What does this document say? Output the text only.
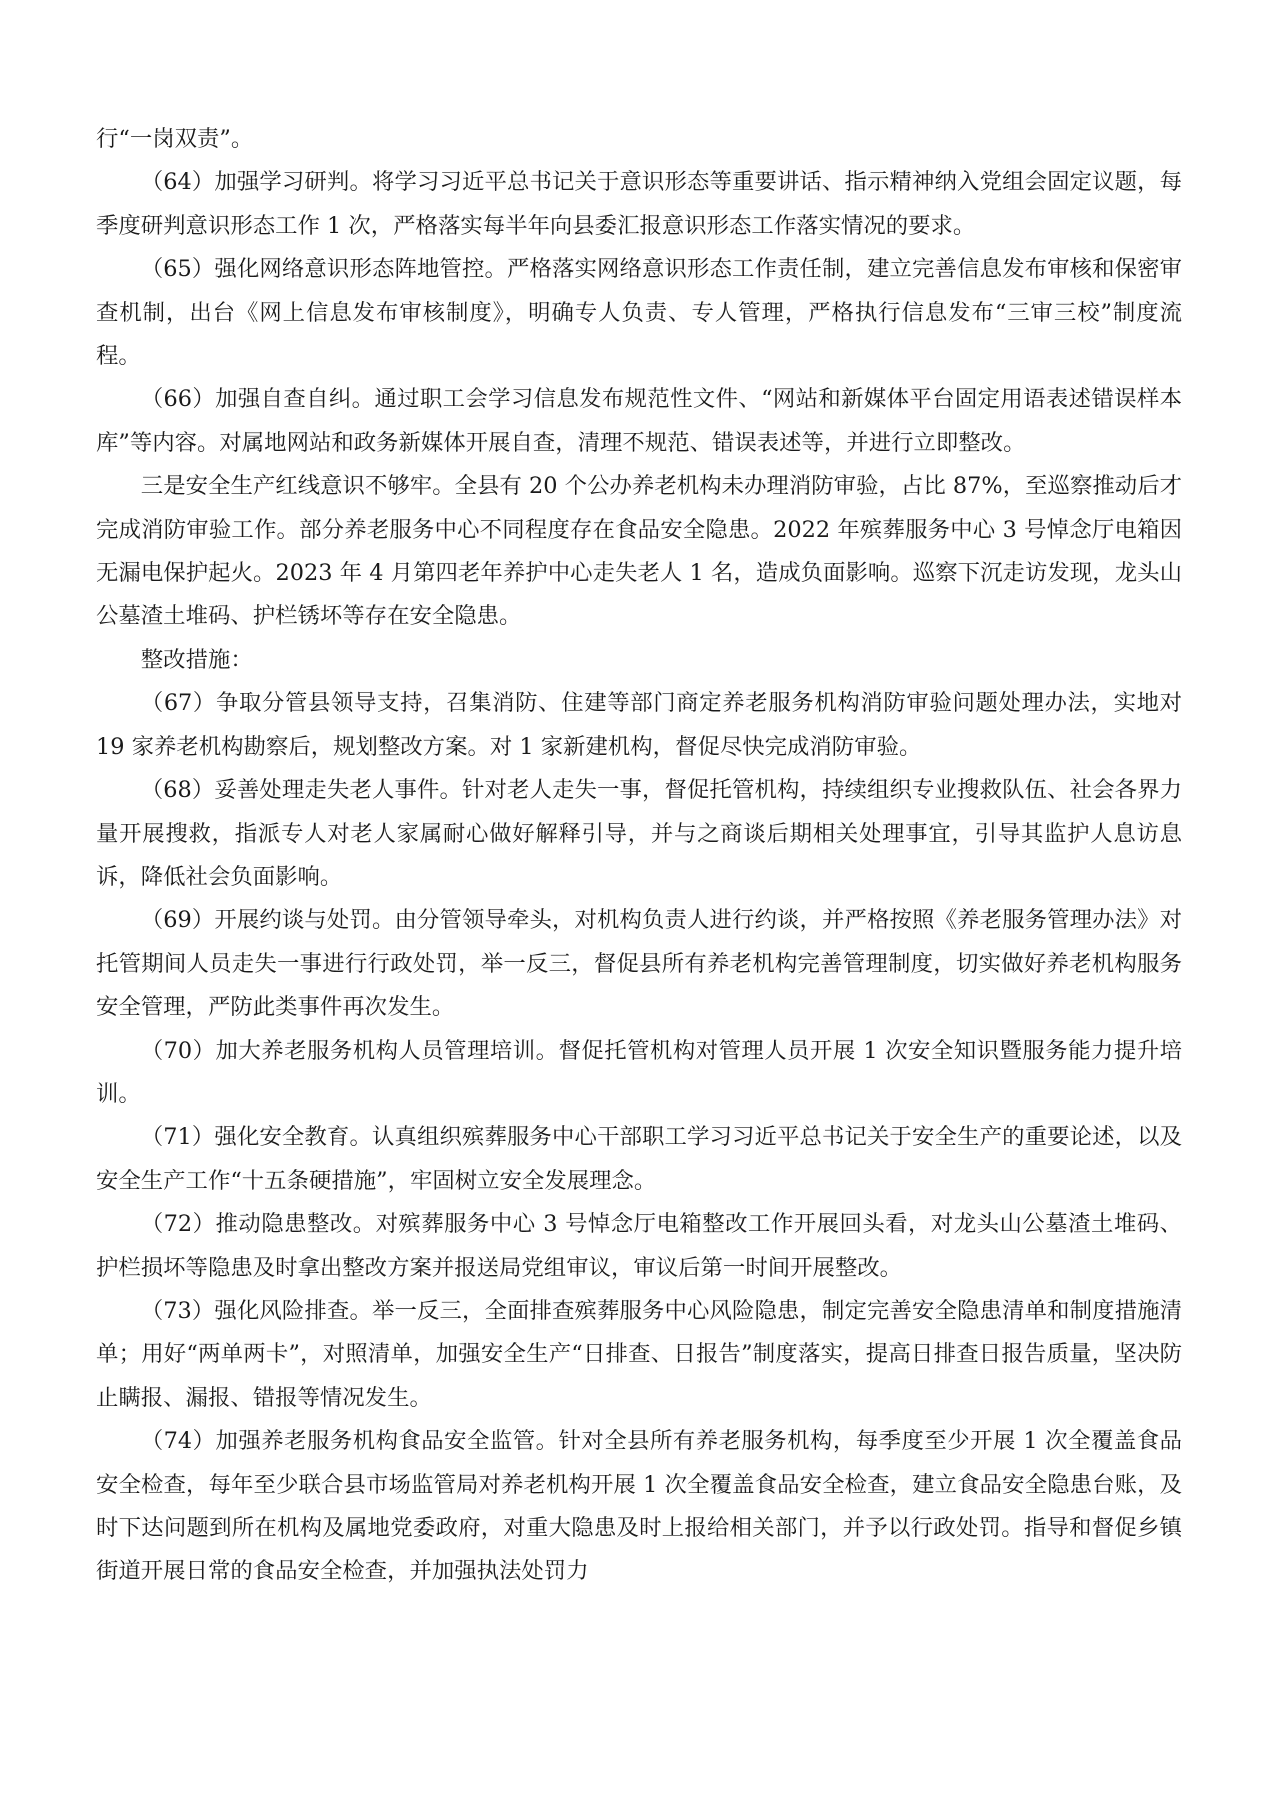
行“一岗双责”。

（64）加强学习研判。将学习习近平总书记关于意识形态等重要讲话、指示精神纳入党组会固定议题，每季度研判意识形态工作 1 次，严格落实每半年向县委汇报意识形态工作落实情况的要求。

（65）强化网络意识形态阵地管控。严格落实网络意识形态工作责任制，建立完善信息发布审核和保密审查机制，出台《网上信息发布审核制度》，明确专人负责、专人管理，严格执行信息发布“三审三校”制度流程。

（66）加强自查自纠。通过职工会学习信息发布规范性文件、“网站和新媒体平台固定用语表述错误样本库”等内容。对属地网站和政务新媒体开展自查，清理不规范、错误表述等，并进行立即整改。

三是安全生产红线意识不够牢。全县有 20 个公办养老机构未办理消防审验，占比 87%，至巡察推动后才完成消防审验工作。部分养老服务中心不同程度存在食品安全隐患。2022 年殡葬服务中心 3 号悼念厅电箱因无漏电保护起火。2023 年 4 月第四老年养护中心走失老人 1 名，造成负面影响。巡察下沉走访发现，龙头山公墓渣土堆码、护栏锈坏等存在安全隐患。

整改措施：

（67）争取分管县领导支持，召集消防、住建等部门商定养老服务机构消防审验问题处理办法，实地对 19 家养老机构勘察后，规划整改方案。对 1 家新建机构，督促尽快完成消防审验。

（68）妥善处理走失老人事件。针对老人走失一事，督促托管机构，持续组织专业搜救队伍、社会各界力量开展搜救，指派专人对老人家属耐心做好解释引导，并与之商谈后期相关处理事宜，引导其监护人息访息诉，降低社会负面影响。

（69）开展约谈与处罚。由分管领导牵头，对机构负责人进行约谈，并严格按照《养老服务管理办法》对托管期间人员走失一事进行行政处罚，举一反三，督促县所有养老机构完善管理制度，切实做好养老机构服务安全管理，严防此类事件再次发生。

（70）加大养老服务机构人员管理培训。督促托管机构对管理人员开展 1 次安全知识暨服务能力提升培训。

（71）强化安全教育。认真组织殡葬服务中心干部职工学习习近平总书记关于安全生产的重要论述，以及安全生产工作“十五条硬措施”，牢固树立安全发展理念。

（72）推动隐患整改。对殡葬服务中心 3 号悼念厅电箱整改工作开展回头看，对龙头山公墓渣土堆码、护栏损坏等隐患及时拿出整改方案并报送局党组审议，审议后第一时间开展整改。

（73）强化风险排查。举一反三，全面排查殡葬服务中心风险隐患，制定完善安全隐患清单和制度措施清单；用好“两单两卡”，对照清单，加强安全生产“日排查、日报告”制度落实，提高日排查日报告质量，坚决防止瞒报、漏报、错报等情况发生。

（74）加强养老服务机构食品安全监管。针对全县所有养老服务机构，每季度至少开展 1 次全覆盖食品安全检查，每年至少联合县市场监管局对养老机构开展 1 次全覆盖食品安全检查，建立食品安全隐患台账，及时下达问题到所在机构及属地党委政府，对重大隐患及时上报给相关部门，并予以行政处罚。指导和督促乡镇街道开展日常的食品安全检查，并加强执法处罚力
